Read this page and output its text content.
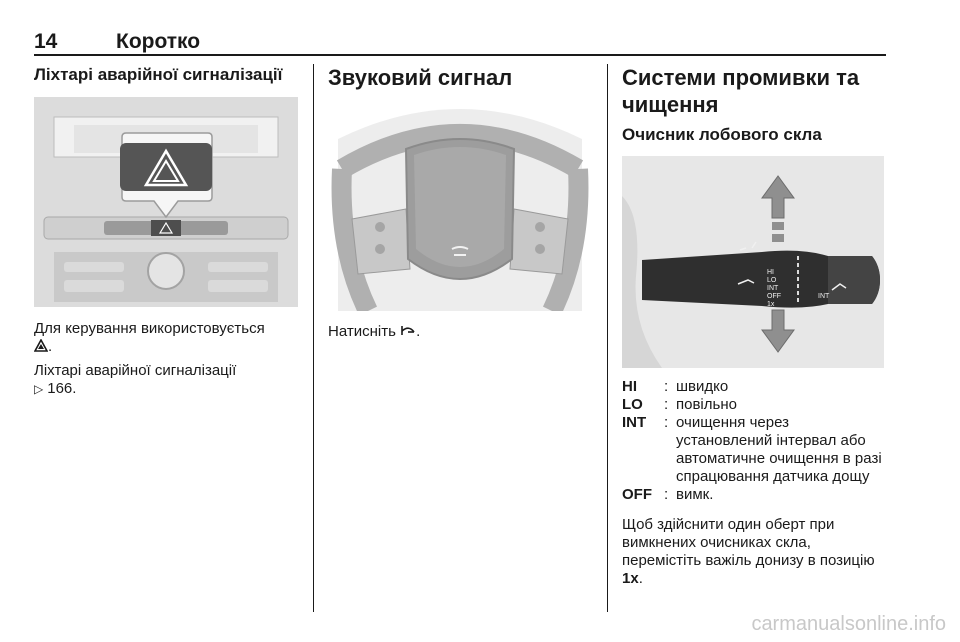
14	Коротко
Ліхтарі аварійної сигналізації

Для керування використовується
.

Ліхтарі аварійної сигналізації
▷ 166.

Звуковий сигнал

Натисніть .

Системи промивки та чищення
Очисник лобового скла
HI
LO
INT
OFF
1x
INT
HI	: швидко
LO	: повільно
INT	: очищення через установлений інтервал або автоматичне очищення в разі спрацювання датчика дощу
OFF : вимк.

Щоб здійснити один оберт при вимкнених очисниках скла, перемістіть важіль донизу в позицію 1x.

carmanualsonline.info
